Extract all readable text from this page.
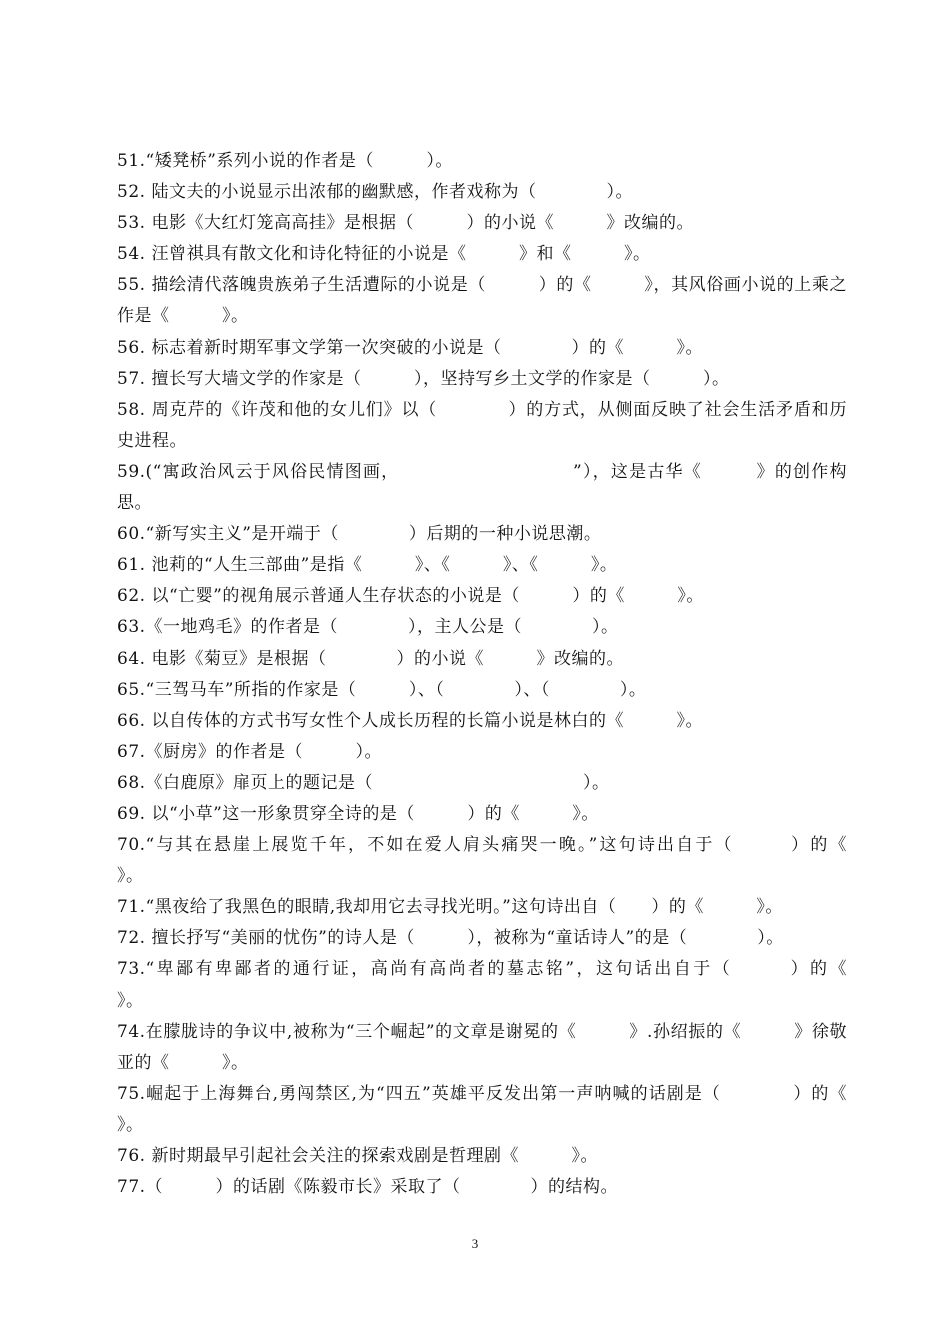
51.“矮凳桥”系列小说的作者是（　　　）。

52. 陆文夫的小说显示出浓郁的幽默感，作者戏称为（　　　　）。

53. 电影《大红灯笼高高挂》是根据（　　　）的小说《　　　》改编的。

54. 汪曾祺具有散文化和诗化特征的小说是《　　　》和《　　　》。

55. 描绘清代落魄贵族弟子生活遭际的小说是（　　　）的《　　　》，其风俗画小说的上乘之作是《　　　》。

56. 标志着新时期军事文学第一次突破的小说是（　　　　）的《　　　》。

57. 擅长写大墙文学的作家是（　　　），坚持写乡土文学的作家是（　　　）。

58. 周克芹的《许茂和他的女儿们》以（　　　　）的方式，从侧面反映了社会生活矛盾和历史进程。

59.(“寓政治风云于风俗民情图画，　　　　　　　　　　”），这是古华《　　　》的创作构思。

60.“新写实主义”是开端于（　　　　）后期的一种小说思潮。

61. 池莉的“人生三部曲”是指《　　　》、《　　　》、《　　　》。

62. 以“亡婴”的视角展示普通人生存状态的小说是（　　　）的《　　　》。

63.《一地鸡毛》的作者是（　　　　），主人公是（　　　　）。

64. 电影《菊豆》是根据（　　　　）的小说《　　　》改编的。

65.“三驾马车”所指的作家是（　　　）、（　　　　）、（　　　　）。

66. 以自传体的方式书写女性个人成长历程的长篇小说是林白的《　　　》。

67.《厨房》的作者是（　　　）。

68.《白鹿原》扉页上的题记是（　　　　　　　　　　　　）。

69. 以“小草”这一形象贯穿全诗的是（　　　）的《　　　》。

70.“与其在悬崖上展览千年，不如在爱人肩头痛哭一晚。”这句诗出自于（　　　）的《　　　》。

71.“黑夜给了我黑色的眼睛,我却用它去寻找光明。”这句诗出自（　　）的《　　　》。

72. 擅长抒写“美丽的忧伤”的诗人是（　　　），被称为“童话诗人”的是（　　　　）。

73.“卑鄙有卑鄙者的通行证，高尚有高尚者的墓志铭”，这句话出自于（　　　）的《　　　》。

74.在朦胧诗的争议中,被称为“三个崛起”的文章是谢冕的《　　　》.孙绍振的《　　　》徐敬亚的《　　　》。

75.崛起于上海舞台,勇闯禁区,为“四五”英雄平反发出第一声呐喊的话剧是（　　　　）的《　　　》。

76. 新时期最早引起社会关注的探索戏剧是哲理剧《　　　》。

77.（　　　）的话剧《陈毅市长》采取了（　　　　）的结构。

3
